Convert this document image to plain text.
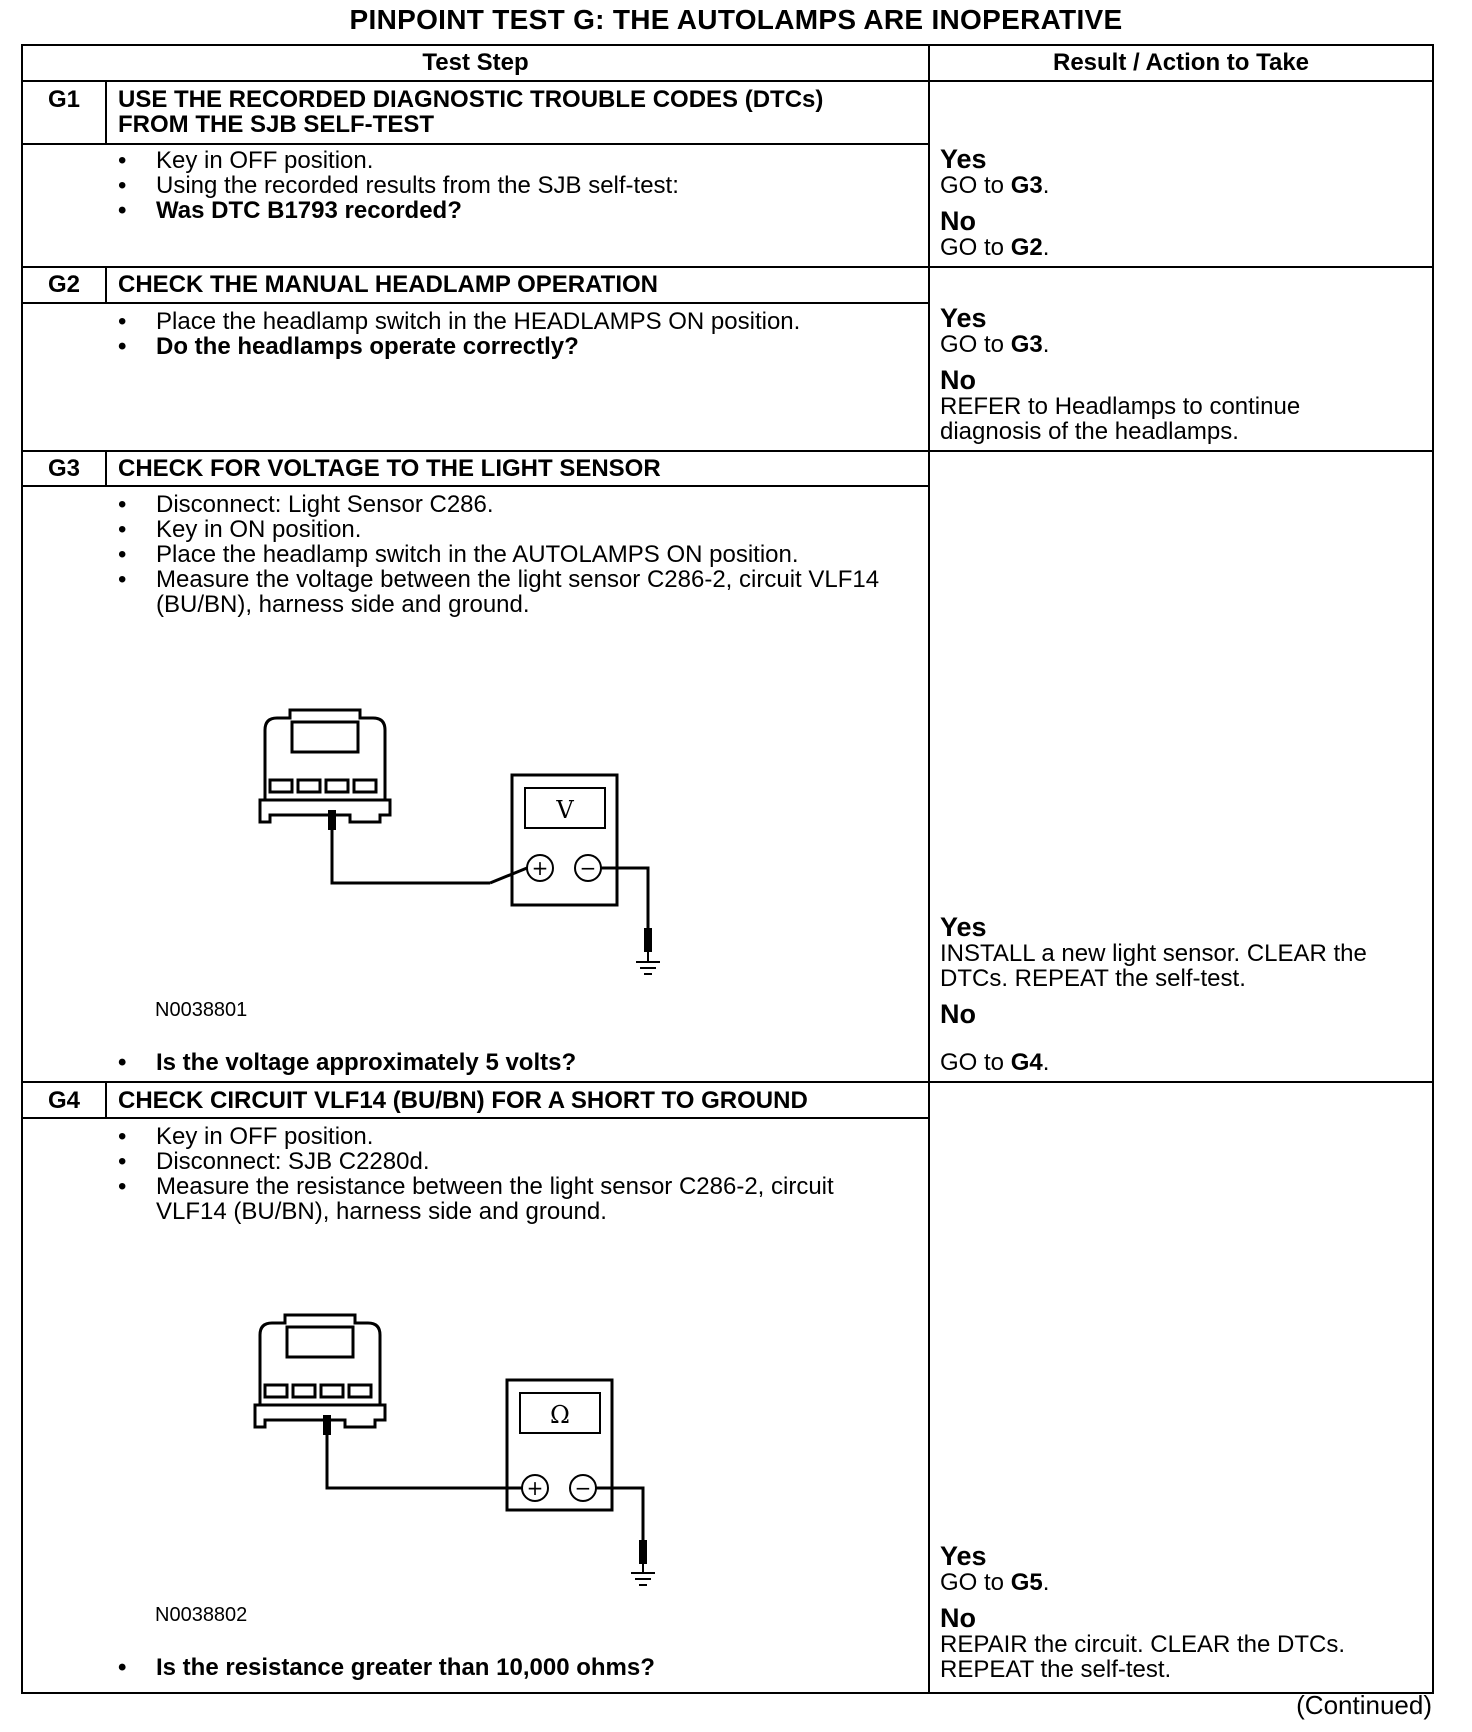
PINPOINT TEST G: THE AUTOLAMPS ARE INOPERATIVE
Test Step	Result / Action to Take
G1 USE THE RECORDED DIAGNOSTIC TROUBLE CODES (DTCs)
FROM THE SJB SELF-TEST
• Key in OFF position.
• Using the recorded results from the SJB self-test:
• Was DTC B1793 recorded?
Yes
GO to G3.
No
GO to G2.
G2 CHECK THE MANUAL HEADLAMP OPERATION
• Place the headlamp switch in the HEADLAMPS ON position.
• Do the headlamps operate correctly?
Yes
GO to G3.
No
REFER to Headlamps to continue
diagnosis of the headlamps.
G3 CHECK FOR VOLTAGE TO THE LIGHT SENSOR
• Disconnect: Light Sensor C286.
• Key in ON position.
• Place the headlamp switch in the AUTOLAMPS ON position.
• Measure the voltage between the light sensor C286-2, circuit VLF14 (BU/BN), harness side and ground.
V
+ −
N0038801
• Is the voltage approximately 5 volts?
Yes
INSTALL a new light sensor. CLEAR the
DTCs. REPEAT the self-test.
No
GO to G4.
G4 CHECK CIRCUIT VLF14 (BU/BN) FOR A SHORT TO GROUND
• Key in OFF position.
• Disconnect: SJB C2280d.
• Measure the resistance between the light sensor C286-2, circuit VLF14 (BU/BN), harness side and ground.
Ω
+ −
N0038802
• Is the resistance greater than 10,000 ohms?
Yes
GO to G5.
No
REPAIR the circuit. CLEAR the DTCs.
REPEAT the self-test.
(Continued)
